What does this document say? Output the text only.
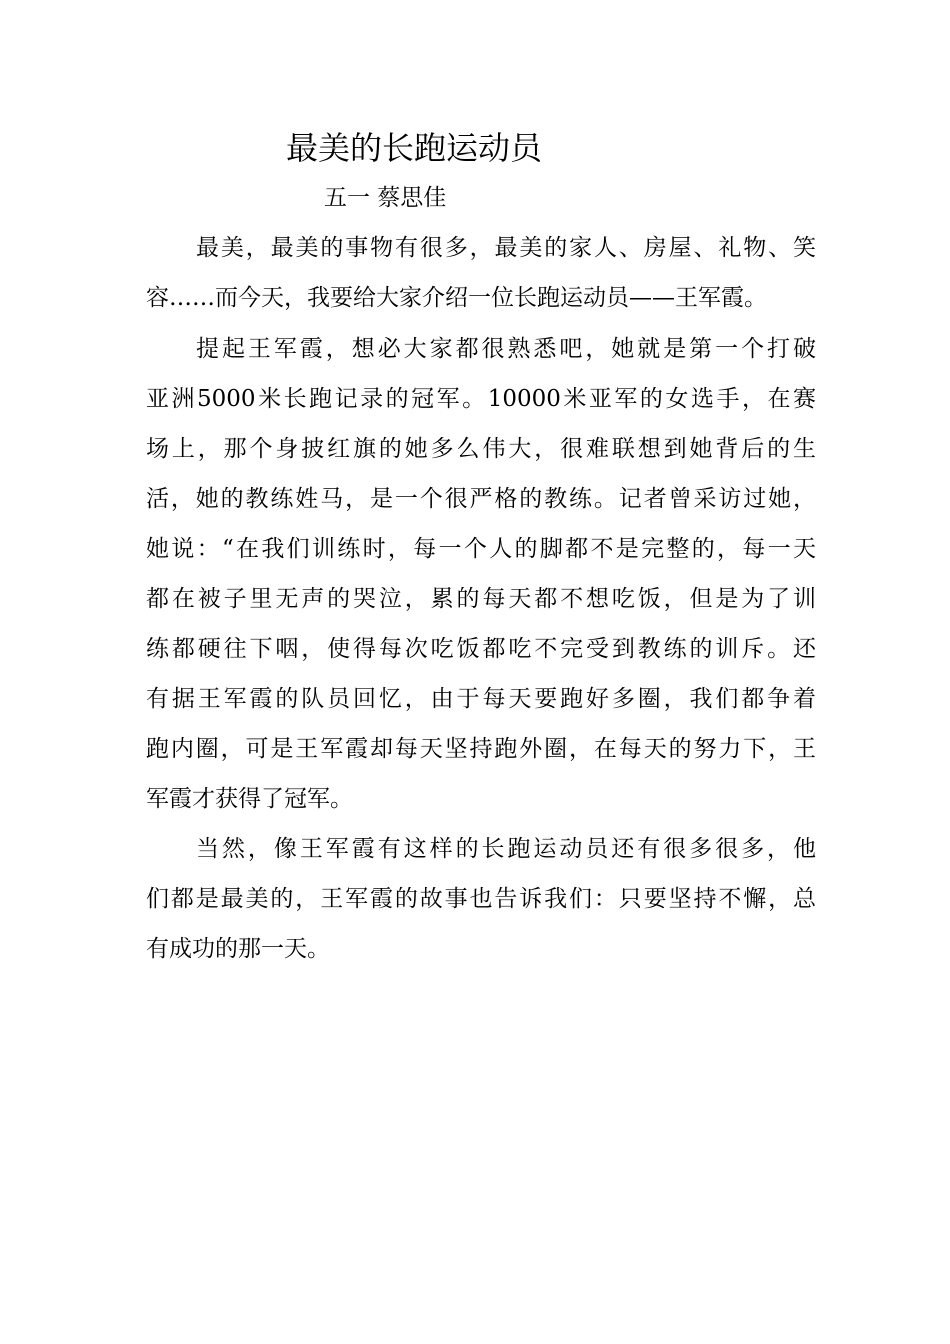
最美的长跑运动员
五一 蔡思佳
最美，最美的事物有很多，最美的家人、房屋、礼物、笑
容……而今天，我要给大家介绍一位长跑运动员——王军霞。
提起王军霞，想必大家都很熟悉吧，她就是第一个打破
亚洲5000米长跑记录的冠军。10000米亚军的女选手，在赛
场上，那个身披红旗的她多么伟大，很难联想到她背后的生
活，她的教练姓马，是一个很严格的教练。记者曾采访过她，
她说：“在我们训练时，每一个人的脚都不是完整的，每一天
都在被子里无声的哭泣，累的每天都不想吃饭，但是为了训
练都硬往下咽，使得每次吃饭都吃不完受到教练的训斥。还
有据王军霞的队员回忆，由于每天要跑好多圈，我们都争着
跑内圈，可是王军霞却每天坚持跑外圈，在每天的努力下，王
军霞才获得了冠军。
当然，像王军霞有这样的长跑运动员还有很多很多，他
们都是最美的，王军霞的故事也告诉我们：只要坚持不懈，总
有成功的那一天。
